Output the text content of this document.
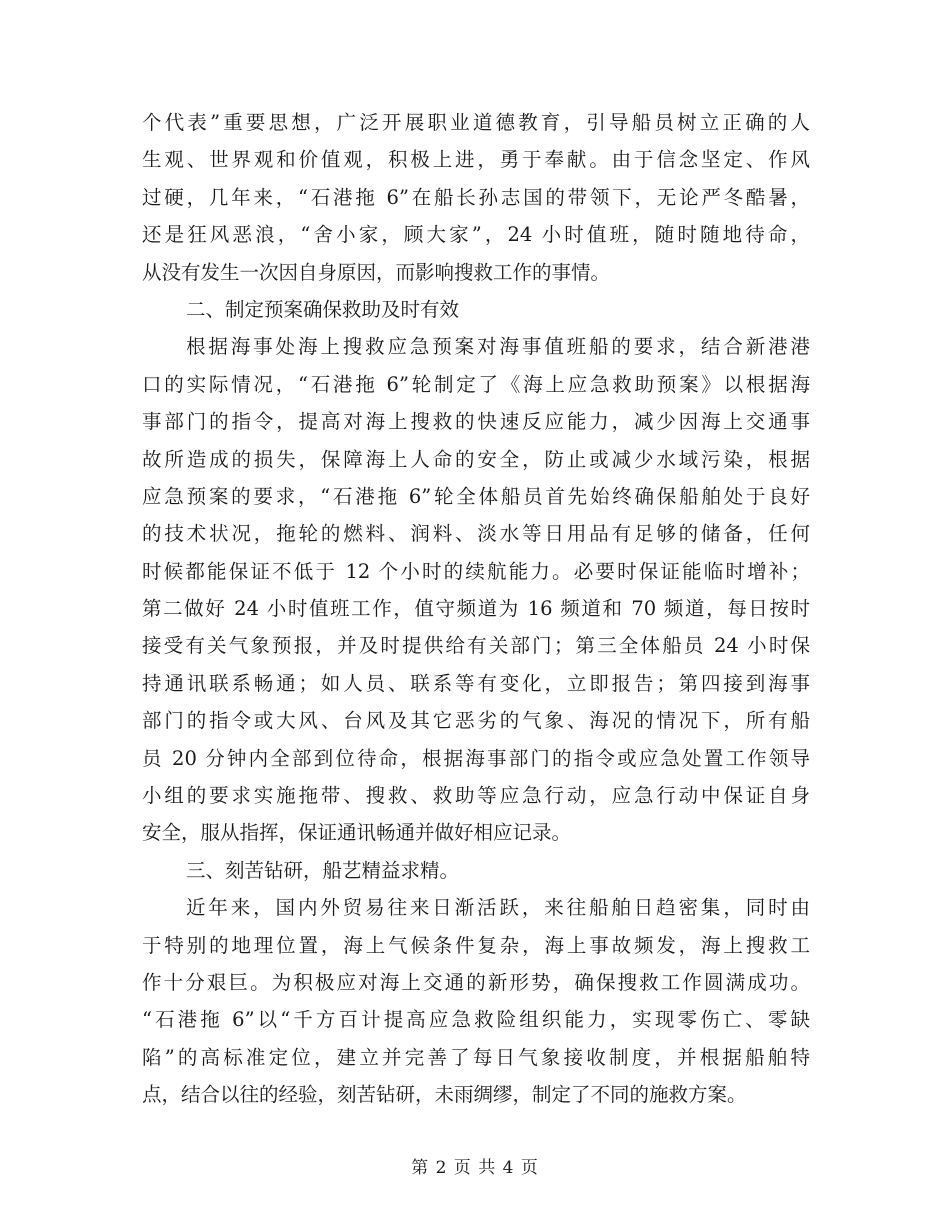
个代表”重要思想，广泛开展职业道德教育，引导船员树立正确的人
生观、世界观和价值观，积极上进，勇于奉献。由于信念坚定、作风
过硬，几年来，“石港拖 6”在船长孙志国的带领下，无论严冬酷暑，
还是狂风恶浪，“舍小家，顾大家”，24 小时值班，随时随地待命，
从没有发生一次因自身原因，而影响搜救工作的事情。
二、制定预案确保救助及时有效
根据海事处海上搜救应急预案对海事值班船的要求，结合新港港
口的实际情况，“石港拖 6”轮制定了《海上应急救助预案》以根据海
事部门的指令，提高对海上搜救的快速反应能力，减少因海上交通事
故所造成的损失，保障海上人命的安全，防止或减少水域污染，根据
应急预案的要求，“石港拖 6”轮全体船员首先始终确保船舶处于良好
的技术状况，拖轮的燃料、润料、淡水等日用品有足够的储备，任何
时候都能保证不低于 12 个小时的续航能力。必要时保证能临时增补；
第二做好 24 小时值班工作，值守频道为 16 频道和 70 频道，每日按时
接受有关气象预报，并及时提供给有关部门；第三全体船员 24 小时保
持通讯联系畅通；如人员、联系等有变化，立即报告；第四接到海事
部门的指令或大风、台风及其它恶劣的气象、海况的情况下，所有船
员 20 分钟内全部到位待命，根据海事部门的指令或应急处置工作领导
小组的要求实施拖带、搜救、救助等应急行动，应急行动中保证自身
安全，服从指挥，保证通讯畅通并做好相应记录。
三、刻苦钻研，船艺精益求精。
近年来，国内外贸易往来日渐活跃，来往船舶日趋密集，同时由
于特别的地理位置，海上气候条件复杂，海上事故频发，海上搜救工
作十分艰巨。为积极应对海上交通的新形势，确保搜救工作圆满成功。
“石港拖 6”以“千方百计提高应急救险组织能力，实现零伤亡、零缺
陷”的高标准定位，建立并完善了每日气象接收制度，并根据船舶特
点，结合以往的经验，刻苦钻研，未雨绸缪，制定了不同的施救方案。
第 2 页 共 4 页
